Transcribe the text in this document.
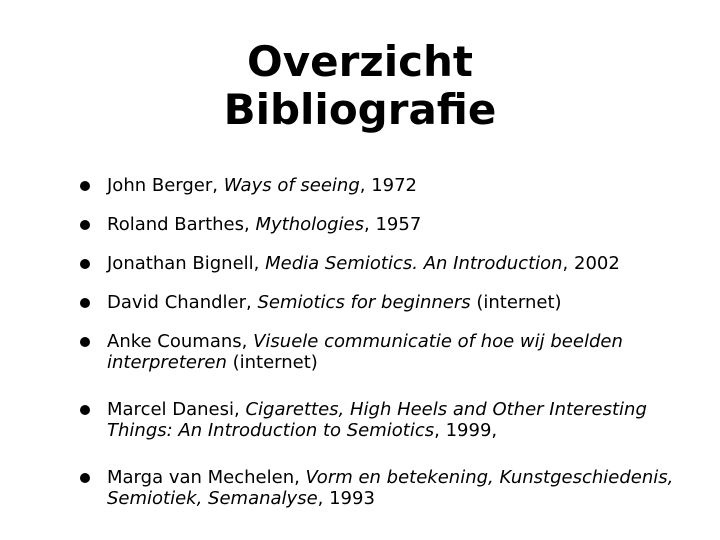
Overzicht
Bibliografie
John Berger, Ways of seeing, 1972
Roland Barthes, Mythologies, 1957
Jonathan Bignell, Media Semiotics. An Introduction, 2002
David Chandler, Semiotics for beginners (internet)
Anke Coumans, Visuele communicatie of hoe wij beelden interpreteren (internet)
Marcel Danesi, Cigarettes, High Heels and Other Interesting Things: An Introduction to Semiotics, 1999,
Marga van Mechelen, Vorm en betekening, Kunstgeschiedenis, Semiotiek, Semanalyse, 1993
